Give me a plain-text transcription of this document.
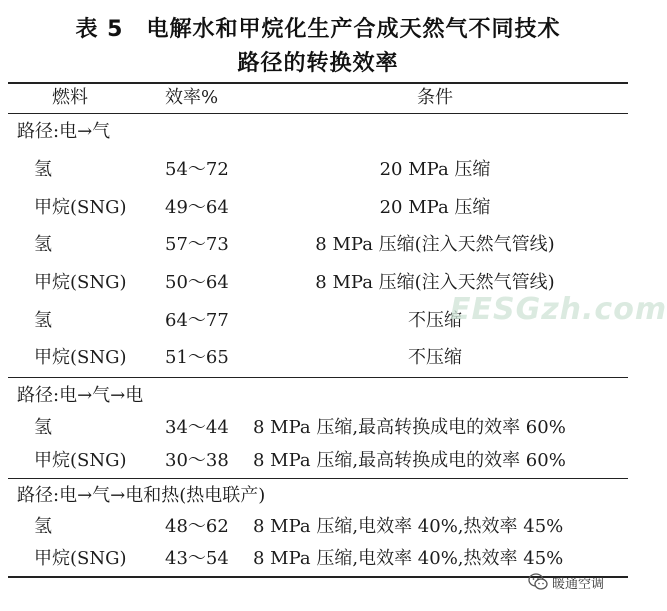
表 5　电解水和甲烷化生产合成天然气不同技术
路径的转换效率
燃料	效率%	条件
路径:电→气
氢	54～72	20 MPa 压缩
甲烷(SNG) 49～64	20 MPa 压缩
氢	57～73	8 MPa 压缩(注入天然气管线)
甲烷(SNG) 50～64	8 MPa 压缩(注入天然气管线)
氢	64～77	不压缩
甲烷(SNG) 51～65	不压缩
路径:电→气→电
氢	34～44 8 MPa 压缩,最高转换成电的效率 60%
甲烷(SNG) 30～38 8 MPa 压缩,最高转换成电的效率 60%
路径:电→气→电和热(热电联产)
氢	48～62 8 MPa 压缩,电效率 40%,热效率 45%
甲烷(SNG) 43～54 8 MPa 压缩,电效率 40%,热效率 45%
EESGzh.com
暖通空调
